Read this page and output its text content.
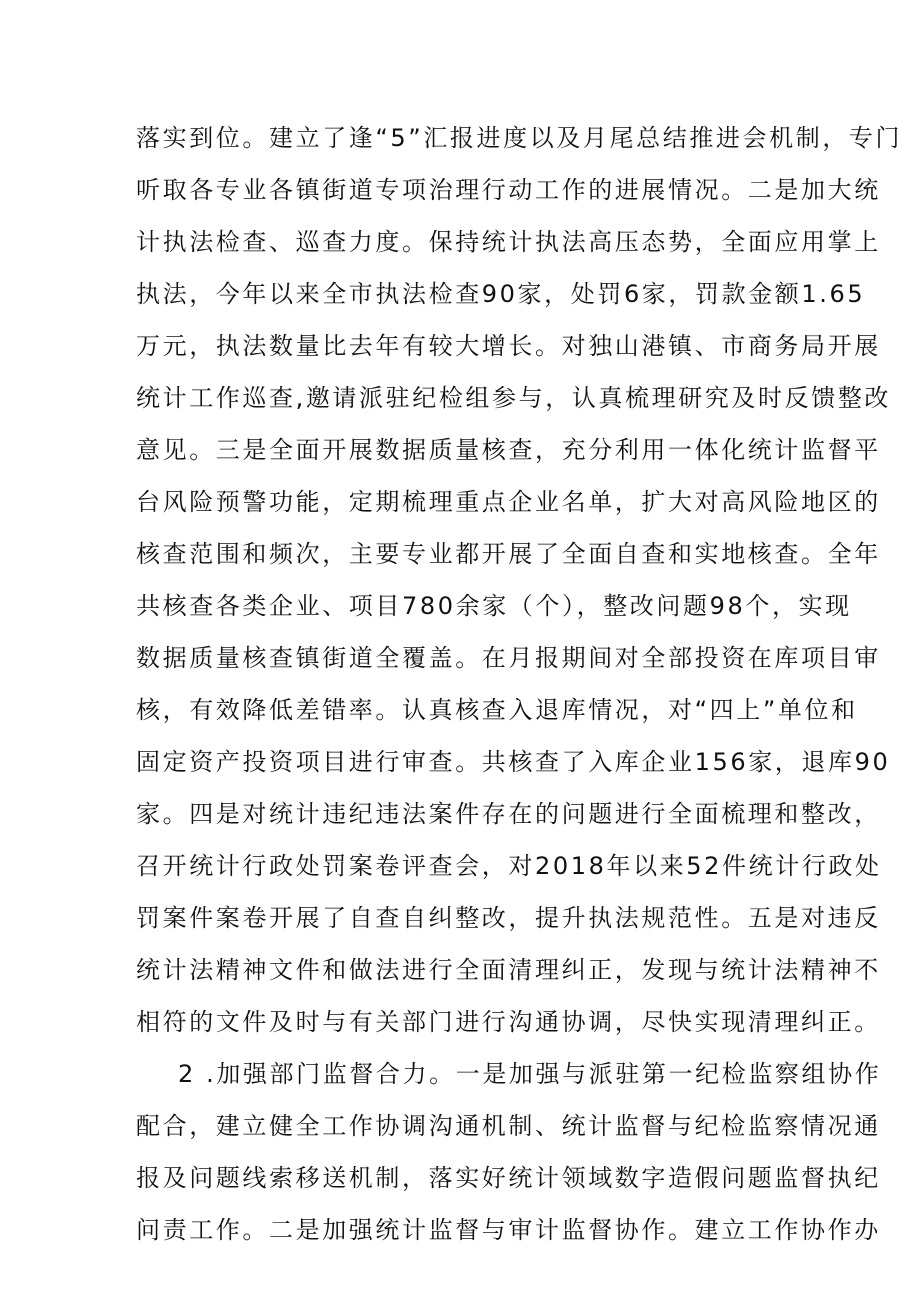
落实到位。建立了逢“5”汇报进度以及月尾总结推进会机制，专门
听取各专业各镇街道专项治理行动工作的进展情况。二是加大统
计执法检查、巡查力度。保持统计执法高压态势，全面应用掌上
执法，今年以来全市执法检查90家，处罚6家，罚款金额1.65
万元，执法数量比去年有较大增长。对独山港镇、市商务局开展
统计工作巡查,邀请派驻纪检组参与，认真梳理研究及时反馈整改
意见。三是全面开展数据质量核查，充分利用一体化统计监督平
台风险预警功能，定期梳理重点企业名单，扩大对高风险地区的
核查范围和频次，主要专业都开展了全面自查和实地核查。全年
共核查各类企业、项目780余家（个），整改问题98个，实现
数据质量核查镇街道全覆盖。在月报期间对全部投资在库项目审
核，有效降低差错率。认真核查入退库情况，对“四上”单位和
固定资产投资项目进行审查。共核查了入库企业156家，退库90
家。四是对统计违纪违法案件存在的问题进行全面梳理和整改，
召开统计行政处罚案卷评查会，对2018年以来52件统计行政处
罚案件案卷开展了自查自纠整改，提升执法规范性。五是对违反
统计法精神文件和做法进行全面清理纠正，发现与统计法精神不
相符的文件及时与有关部门进行沟通协调，尽快实现清理纠正。
2 .加强部门监督合力。一是加强与派驻第一纪检监察组协作
配合，建立健全工作协调沟通机制、统计监督与纪检监察情况通
报及问题线索移送机制，落实好统计领域数字造假问题监督执纪
问责工作。二是加强统计监督与审计监督协作。建立工作协作办
